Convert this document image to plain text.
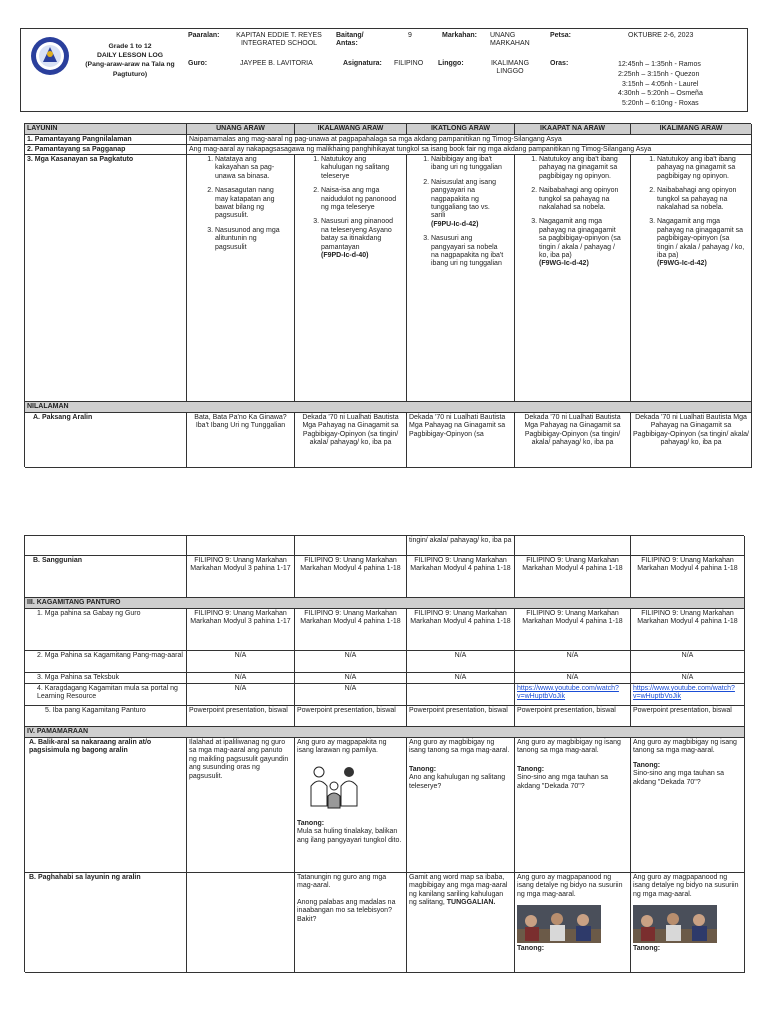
Grade 1 to 12
DAILY LESSON LOG
(Pang-araw-araw na Tala ng Pagtuturo)
Paaralan:	KAPITAN EDDIE T. REYES INTEGRATED SCHOOL
Baitang/ Antas:
9	Markahan: UNANG MARKAHAN
Petsa:	OKTUBRE 2-6, 2023
Guro:	JAYPEE B. LAVITORIA	Asignatura: FILIPINO Linggo:	IKALIMANG LINGGO
Oras:	12:45nh – 1:35nh - Ramos
2:25nh – 3:15nh - Quezon
3:15nh – 4:05nh - Laurel
4:30nh – 5:20nh – Osmeña
5:20nh – 6:10ng - Roxas
LAYUNIN	UNANG ARAW	IKALAWANG ARAW	IKATLONG ARAW	IKAAPAT NA ARAW	IKALIMANG ARAW
1. Pamantayang Pangnilalaman	Naipamamalas ang mag-aaral ng pag-unawa at pagpapahalaga sa mga akdang pampanitikan ng Timog-Silangang Asya
2. Pamantayang sa Pagganap	Ang mag-aaral ay nakapagsasagawa ng malikhaing panghihikayat tungkol sa isang book fair ng mga akdang pampanitikan ng Timog-Silangang Asya
3. Mga Kasanayan sa Pagkatuto
1.	Natataya ang kakayahan sa pag-unawa sa binasa.
2. Nasasagutan nang may katapatan ang bawat bilang ng pagsusulit.
3. Nasusunod ang mga alituntunin ng pagsusulit
1. Natutukoy ang kahulugan ng salitang teleserye
2. Naisa-isa ang mga naidudulot ng panonood ng mga teleserye
3. Nasusuri ang pinanood na teleseryeng Asyano batay sa itinakdang pamantayan
(F9PD-Ic-d-40)
1. Naibibigay ang iba't ibang uri ng tunggalian
2. Naisusulat ang isang pangyayari na nagpapakita ng tunggaliang tao vs. sarili
(F9PU-Ic-d-42)
3. Nasusuri ang pangyayari sa nobela na nagpapakita ng iba't ibang uri ng tunggalian
1. Natutukoy ang iba't ibang pahayag na ginagamit sa pagbibigay ng opinyon.
2. Naibabahagi ang opinyon tungkol sa pahayag na nakalahad sa nobela.
3. Nagagamit ang mga pahayag na ginagagamit sa pagbibigay-opinyon (sa tingin / akala / pahayag / ko, iba pa)
(F9WG-Ic-d-42)
1. Natutukoy ang iba't ibang pahayag na ginagamit sa pagbibigay ng opinyon.
2. Naibabahagi ang opinyon tungkol sa pahayag na nakalahad sa nobela.
3. Nagagamit ang mga pahayag na ginagagamit sa pagbibigay-opinyon (sa tingin / akala / pahayag / ko, iba pa)
(F9WG-Ic-d-42)
NILALAMAN
A. Paksang Aralin	Bata, Bata Pa'no Ka Ginawa? Iba't Ibang Uri ng Tunggalian
Dekada '70 ni Lualhati Bautista Mga Pahayag na Ginagamit sa Pagbibigay-Opinyon (sa tingin/ akala/ pahayag/ ko, iba pa
Dekada '70 ni Lualhati Bautista Mga Pahayag na Ginagamit sa Pagbibigay-Opinyon (sa
Dekada '70 ni Lualhati Bautista Mga Pahayag na Ginagamit sa Pagbibigay-Opinyon (sa tingin/ akala/ pahayag/ ko, iba pa
Dekada '70 ni Lualhati Bautista Mga Pahayag na Ginagamit sa Pagbibigay-Opinyon (sa tingin/ akala/ pahayag/ ko, iba pa
tingin/ akala/ pahayag/ ko, iba pa
B. Sanggunian	FILIPINO 9: Unang Markahan Markahan Modyul 3 pahina 1-17
FILIPINO 9: Unang Markahan Markahan Modyul 4 pahina 1-18
FILIPINO 9: Unang Markahan Markahan Modyul 4 pahina 1-18
FILIPINO 9: Unang Markahan Markahan Modyul 4 pahina 1-18
FILIPINO 9: Unang Markahan Markahan Modyul 4 pahina 1-18
III. KAGAMITANG PANTURO
1. Mga pahina sa Gabay ng Guro	FILIPINO 9: Unang Markahan Markahan Modyul 3 pahina 1-17
FILIPINO 9: Unang Markahan Markahan Modyul 4 pahina 1-18
FILIPINO 9: Unang Markahan Markahan Modyul 4 pahina 1-18
FILIPINO 9: Unang Markahan Markahan Modyul 4 pahina 1-18
FILIPINO 9: Unang Markahan Markahan Modyul 4 pahina 1-18
2. Mga Pahina sa Kagamitang Pang-mag-aaral	N/A	N/A	N/A	N/A	N/A
3. Mga Pahina sa Teksbuk	N/A	N/A	N/A	N/A	N/A
4. Karagdagang Kagamitan mula sa portal ng Learning Resource
N/A	N/A	https://www.youtube.com/watch?v=wHuptbVoJik
https://www.youtube.com/watch?v=wHuptbVoJik
5. Iba pang Kagamitang Panturo	Powerpoint presentation, biswal	Powerpoint presentation, biswal	Powerpoint presentation, biswal	Powerpoint presentation, biswal	Powerpoint presentation, biswal
IV. PAMAMARAAN
A. Balik-aral sa nakaraang aralin at/o pagsisimula ng bagong aralin
Ilalahad at ipaliliwanag ng guro sa mga mag-aaral ang panuto ng maikling pagsusulit gayundin ang susunding oras ng pagsusulit.
Ang guro ay magpapakita ng isang larawan ng pamilya.
Tanong:
Mula sa huling tinalakay, balikan ang ilang pangyayari tungkol dito.
Ang guro ay magbibigay ng isang tanong sa mga mag-aaral.
Tanong:
Ano ang kahulugan ng salitang teleserye?
Ang guro ay magbibigay ng isang tanong sa mga mag-aaral.
Tanong:
Sino-sino ang mga tauhan sa akdang "Dekada 70"?
Ang guro ay magbibigay ng isang tanong sa mga mag-aaral.
Tanong:
Sino-sino ang mga tauhan sa akdang "Dekada 70"?
B. Paghahabi sa layunin ng aralin	Tatanungin ng guro ang mga mag-aaral.
Anong palabas ang madalas na inaabangan mo sa telebisyon? Bakit?
Gamit ang word map sa ibaba, magbibigay ang mga mag-aaral ng kanilang sariling kahulugan ng salitang, TUNGGALIAN.
Ang guro ay magpapanood ng isang detalye ng bidyo na susuriin ng mga mag-aaral.
Tanong:
Ang guro ay magpapanood ng isang detalye ng bidyo na susuriin ng mga mag-aaral.
Tanong:
